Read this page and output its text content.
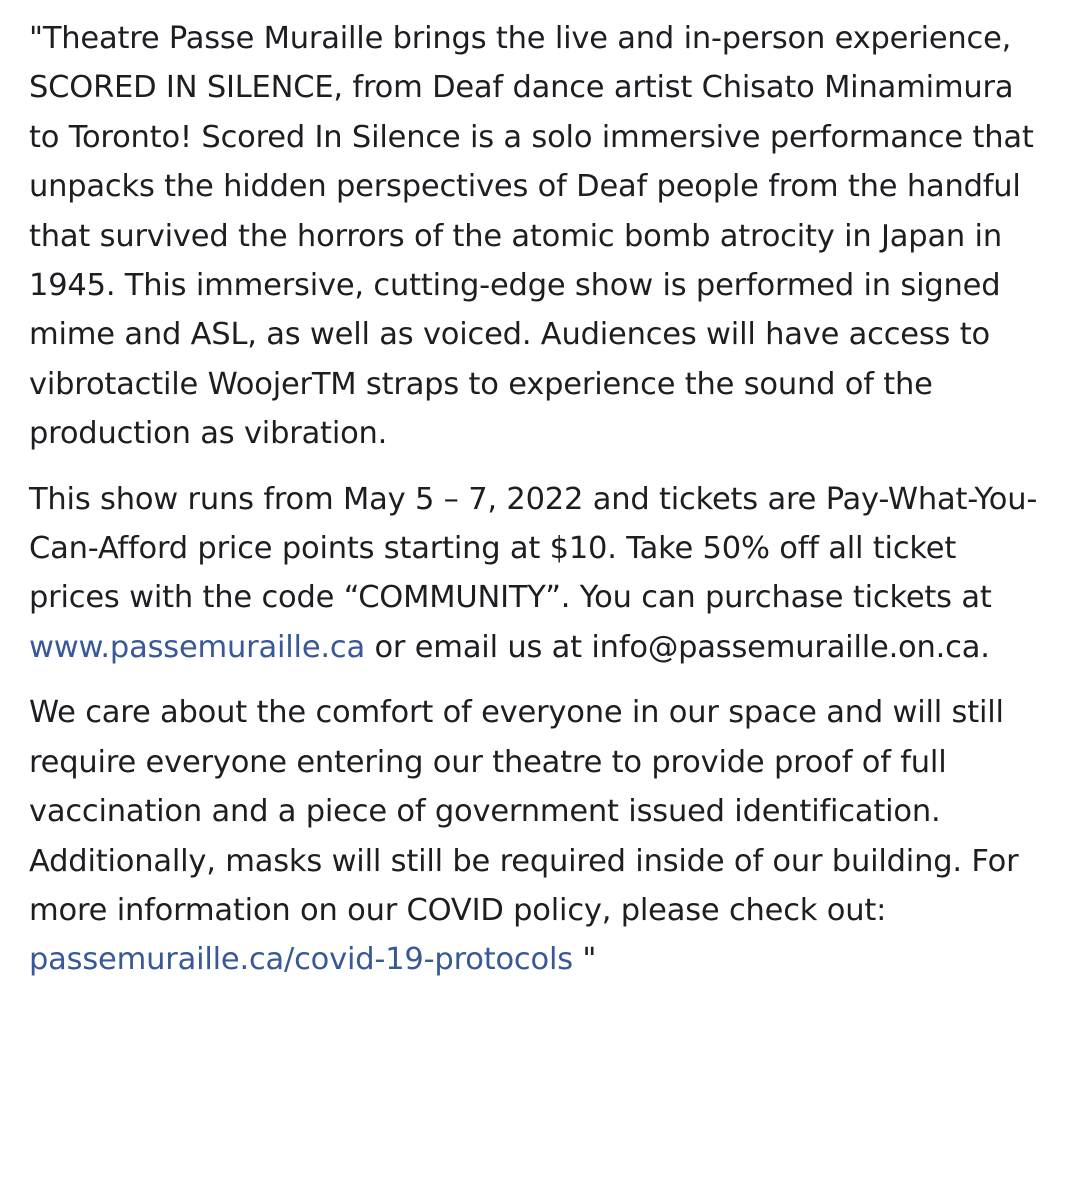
"Theatre Passe Muraille brings the live and in-person experience, SCORED IN SILENCE, from Deaf dance artist Chisato Minamimura to Toronto! Scored In Silence is a solo immersive performance that unpacks the hidden perspectives of Deaf people from the handful that survived the horrors of the atomic bomb atrocity in Japan in 1945. This immersive, cutting-edge show is performed in signed mime and ASL, as well as voiced. Audiences will have access to vibrotactile WoojerTM straps to experience the sound of the production as vibration.

This show runs from May 5 – 7, 2022 and tickets are Pay-What-You-Can-Afford price points starting at $10. Take 50% off all ticket prices with the code “COMMUNITY”. You can purchase tickets at www.passemuraille.ca or email us at info@passemuraille.on.ca.

We care about the comfort of everyone in our space and will still require everyone entering our theatre to provide proof of full vaccination and a piece of government issued identification. Additionally, masks will still be required inside of our building. For more information on our COVID policy, please check out: passemuraille.ca/covid-19-protocols "
